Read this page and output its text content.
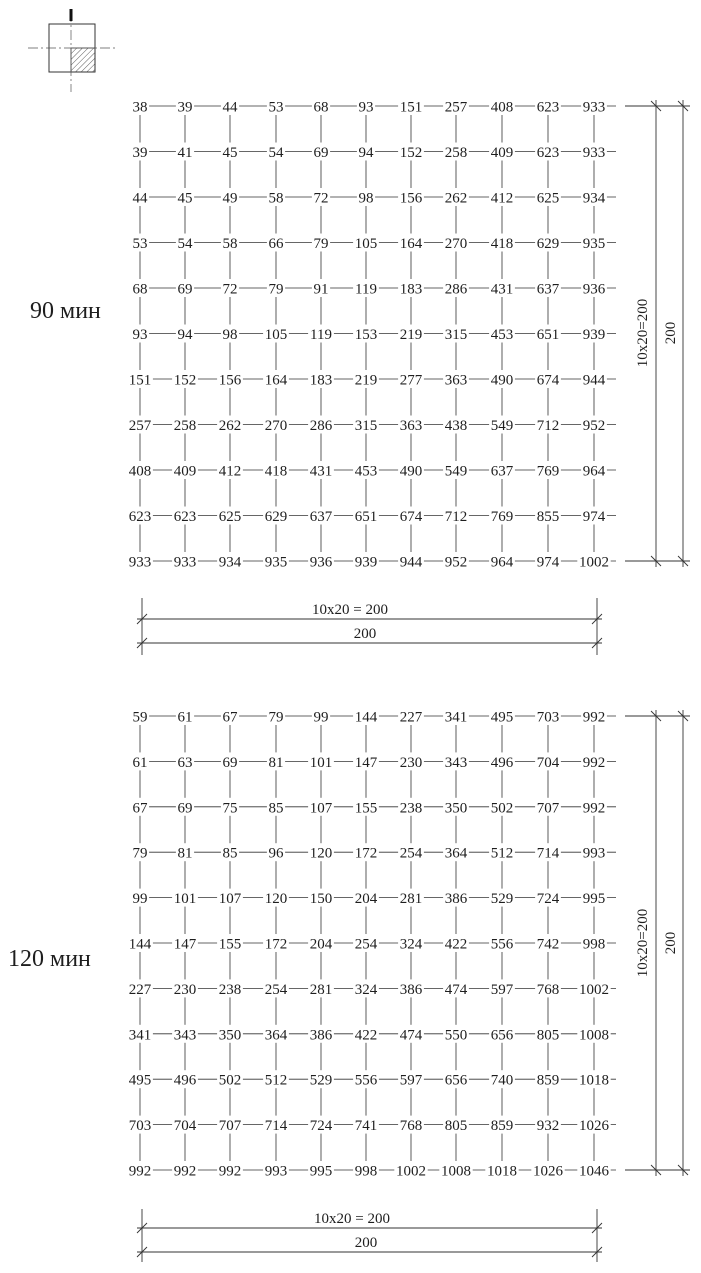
90 мин
38 39 44 53 68 93 151 257 408 623 933
39 41 45 54 69 94 152 258 409 623 933
44 45 49 58 72 98 156 262 412 625 934
53 54 58 66 79 105 164 270 418 629 935
68 69 72 79 91 119 183 286 431 637 936
93 94 98 105 119 153 219 315 453 651 939
151 152 156 164 183 219 277 363 490 674 944
257 258 262 270 286 315 363 438 549 712 952
408 409 412 418 431 453 490 549 637 769 964
623 623 625 629 637 651 674 712 769 855 974
933 933 934 935 936 939 944 952 964 974 1002
10x20 = 200
200
10x20=200 200
120 мин
59 61 67 79 99 144 227 341 495 703 992
61 63 69 81 101 147 230 343 496 704 992
67 69 75 85 107 155 238 350 502 707 992
79 81 85 96 120 172 254 364 512 714 993
99 101 107 120 150 204 281 386 529 724 995
144 147 155 172 204 254 324 422 556 742 998
227 230 238 254 281 324 386 474 597 768 1002
341 343 350 364 386 422 474 550 656 805 1008
495 496 502 512 529 556 597 656 740 859 1018
703 704 707 714 724 741 768 805 859 932 1026
992 992 992 993 995 998 1002 1008 1018 1026 1046
10x20 = 200
200
10x20=200 200
